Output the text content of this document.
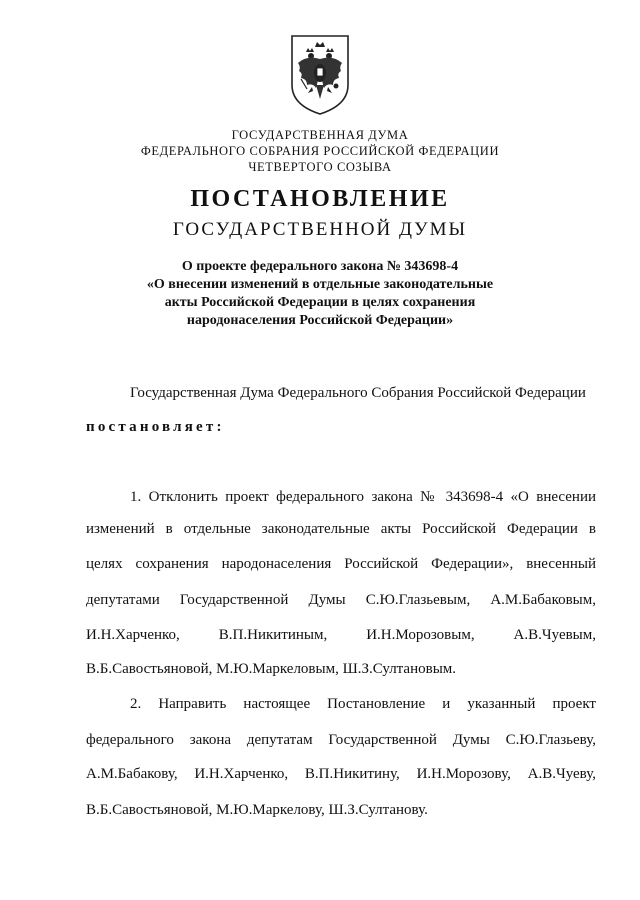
ГОСУДАРСТВЕННАЯ ДУМА
ФЕДЕРАЛЬНОГО СОБРАНИЯ РОССИЙСКОЙ ФЕДЕРАЦИИ
ЧЕТВЕРТОГО СОЗЫВА
ПОСТАНОВЛЕНИЕ
ГОСУДАРСТВЕННОЙ ДУМЫ
О проекте федерального закона № 343698-4
«О внесении изменений в отдельные законодательные
акты Российской Федерации в целях сохранения
народонаселения Российской Федерации»
Государственная Дума Федерального Собрания Российской Федерации
постановляет:
1. Отклонить проект федерального закона № 343698-4 «О внесении
изменений в отдельные законодательные акты Российской Федерации в
целях сохранения народонаселения Российской Федерации», внесенный
депутатами Государственной Думы С.Ю.Глазьевым, А.М.Бабаковым,
И.Н.Харченко, В.П.Никитиным, И.Н.Морозовым, А.В.Чуевым,
В.Б.Савостьяновой, М.Ю.Маркеловым, Ш.З.Султановым.
2. Направить настоящее Постановление и указанный проект
федерального закона депутатам Государственной Думы С.Ю.Глазьеву,
А.М.Бабакову, И.Н.Харченко, В.П.Никитину, И.Н.Морозову, А.В.Чуеву,
В.Б.Савостьяновой, М.Ю.Маркелову, Ш.З.Султанову.
